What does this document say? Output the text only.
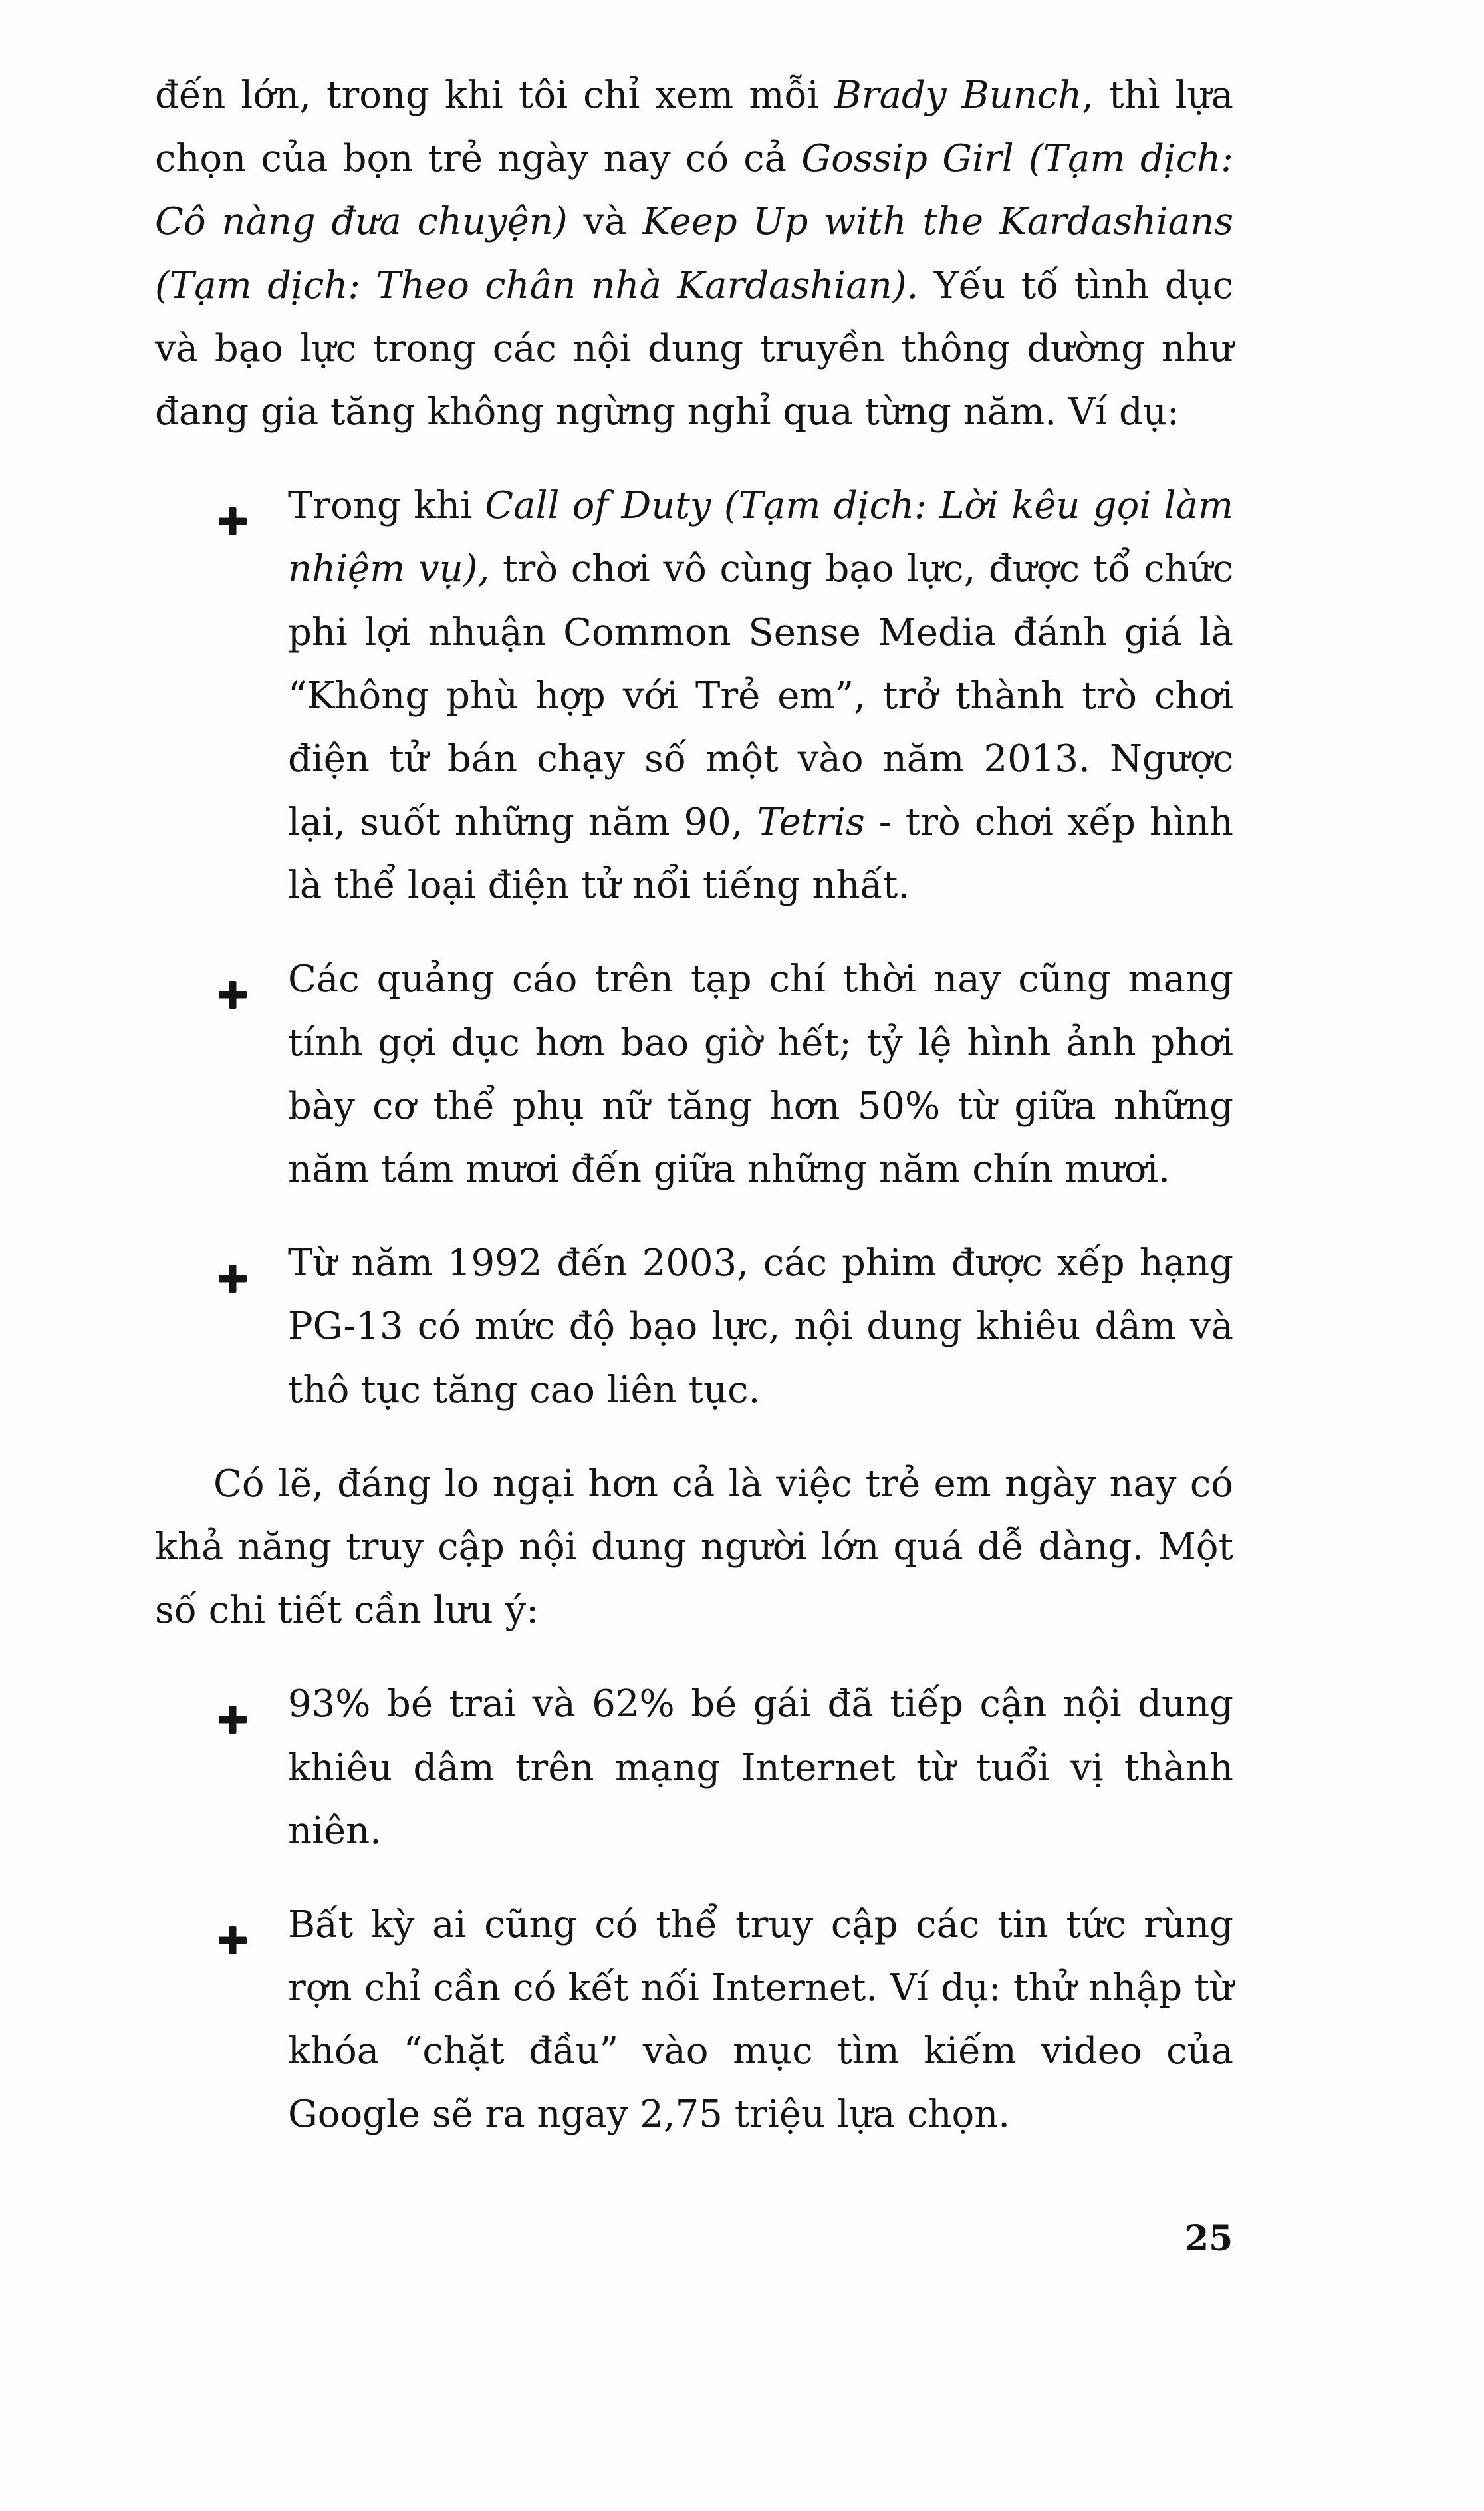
đến lớn, trong khi tôi chỉ xem mỗi Brady Bunch, thì lựa chọn của bọn trẻ ngày nay có cả Gossip Girl (Tạm dịch: Cô nàng đưa chuyện) và Keep Up with the Kardashians (Tạm dịch: Theo chân nhà Kardashian). Yếu tố tình dục và bạo lực trong các nội dung truyền thông dường như đang gia tăng không ngừng nghỉ qua từng năm. Ví dụ:

Trong khi Call of Duty (Tạm dịch: Lời kêu gọi làm nhiệm vụ), trò chơi vô cùng bạo lực, được tổ chức phi lợi nhuận Common Sense Media đánh giá là “Không phù hợp với Trẻ em”, trở thành trò chơi điện tử bán chạy số một vào năm 2013. Ngược lại, suốt những năm 90, Tetris - trò chơi xếp hình là thể loại điện tử nổi tiếng nhất.
Các quảng cáo trên tạp chí thời nay cũng mang tính gợi dục hơn bao giờ hết; tỷ lệ hình ảnh phơi bày cơ thể phụ nữ tăng hơn 50% từ giữa những năm tám mươi đến giữa những năm chín mươi.
Từ năm 1992 đến 2003, các phim được xếp hạng PG-13 có mức độ bạo lực, nội dung khiêu dâm và thô tục tăng cao liên tục.

Có lẽ, đáng lo ngại hơn cả là việc trẻ em ngày nay có khả năng truy cập nội dung người lớn quá dễ dàng. Một số chi tiết cần lưu ý:

93% bé trai và 62% bé gái đã tiếp cận nội dung khiêu dâm trên mạng Internet từ tuổi vị thành niên.
Bất kỳ ai cũng có thể truy cập các tin tức rùng rợn chỉ cần có kết nối Internet. Ví dụ: thử nhập từ khóa “chặt đầu” vào mục tìm kiếm video của Google sẽ ra ngay 2,75 triệu lựa chọn.
25
